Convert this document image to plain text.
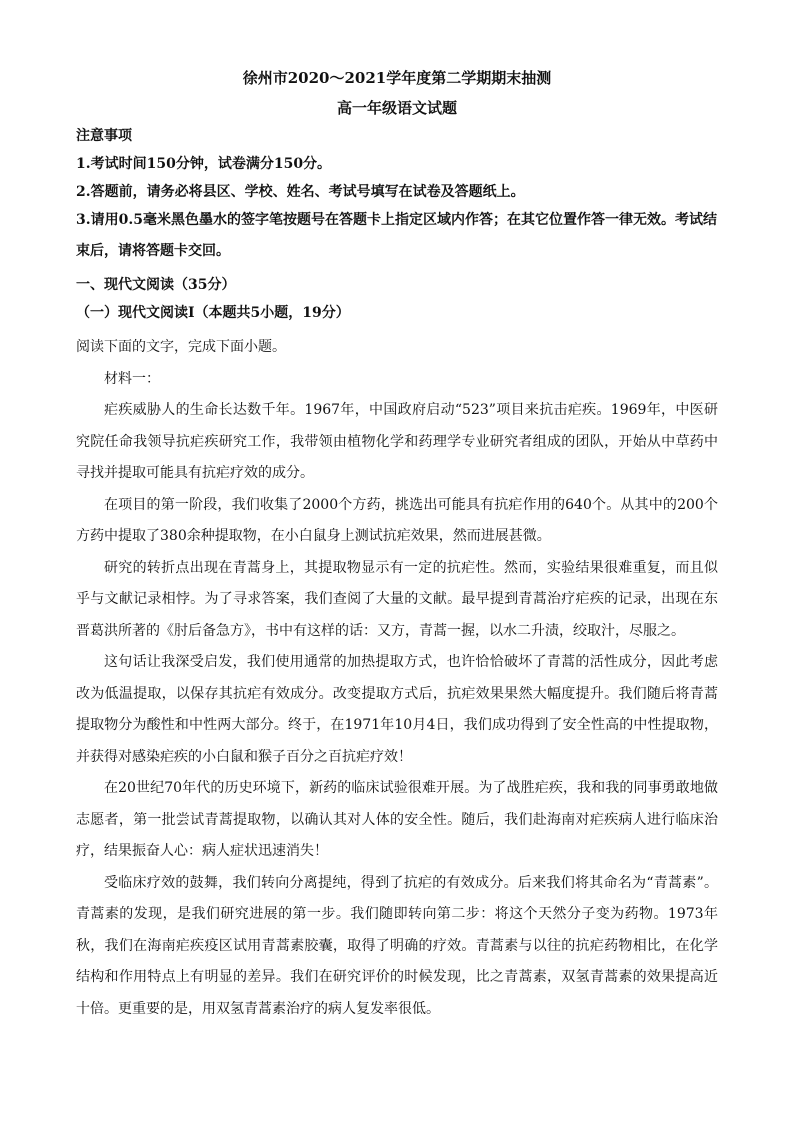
徐州市2020～2021学年度第二学期期末抽测

高一年级语文试题

注意事项

1.考试时间150分钟，试卷满分150分。

2.答题前，请务必将县区、学校、姓名、考试号填写在试卷及答题纸上。

3.请用0.5毫米黑色墨水的签字笔按题号在答题卡上指定区域内作答；在其它位置作答一律无效。考试结束后，请将答题卡交回。

一、现代文阅读（35分）

（一）现代文阅读Ⅰ（本题共5小题，19分）

阅读下面的文字，完成下面小题。

材料一：

疟疾威胁人的生命长达数千年。1967年，中国政府启动“523”项目来抗击疟疾。1969年，中医研究院任命我领导抗疟疾研究工作，我带领由植物化学和药理学专业研究者组成的团队，开始从中草药中寻找并提取可能具有抗疟疗效的成分。

在项目的第一阶段，我们收集了2000个方药，挑选出可能具有抗疟作用的640个。从其中的200个方药中提取了380余种提取物，在小白鼠身上测试抗疟效果，然而进展甚微。

研究的转折点出现在青蒿身上，其提取物显示有一定的抗疟性。然而，实验结果很难重复，而且似乎与文献记录相悖。为了寻求答案，我们查阅了大量的文献。最早提到青蒿治疗疟疾的记录，出现在东晋葛洪所著的《肘后备急方》，书中有这样的话：又方，青蒿一握，以水二升渍，绞取汁，尽服之。

这句话让我深受启发，我们使用通常的加热提取方式，也许恰恰破坏了青蒿的活性成分，因此考虑改为低温提取，以保存其抗疟有效成分。改变提取方式后，抗疟效果果然大幅度提升。我们随后将青蒿提取物分为酸性和中性两大部分。终于，在1971年10月4日，我们成功得到了安全性高的中性提取物，并获得对感染疟疾的小白鼠和猴子百分之百抗疟疗效！

在20世纪70年代的历史环境下，新药的临床试验很难开展。为了战胜疟疾，我和我的同事勇敢地做志愿者，第一批尝试青蒿提取物，以确认其对人体的安全性。随后，我们赴海南对疟疾病人进行临床治疗，结果振奋人心：病人症状迅速消失！

受临床疗效的鼓舞，我们转向分离提纯，得到了抗疟的有效成分。后来我们将其命名为“青蒿素”。青蒿素的发现，是我们研究进展的第一步。我们随即转向第二步：将这个天然分子变为药物。1973年秋，我们在海南疟疾疫区试用青蒿素胶囊，取得了明确的疗效。青蒿素与以往的抗疟药物相比，在化学结构和作用特点上有明显的差异。我们在研究评价的时候发现，比之青蒿素，双氢青蒿素的效果提高近十倍。更重要的是，用双氢青蒿素治疗的病人复发率很低。
